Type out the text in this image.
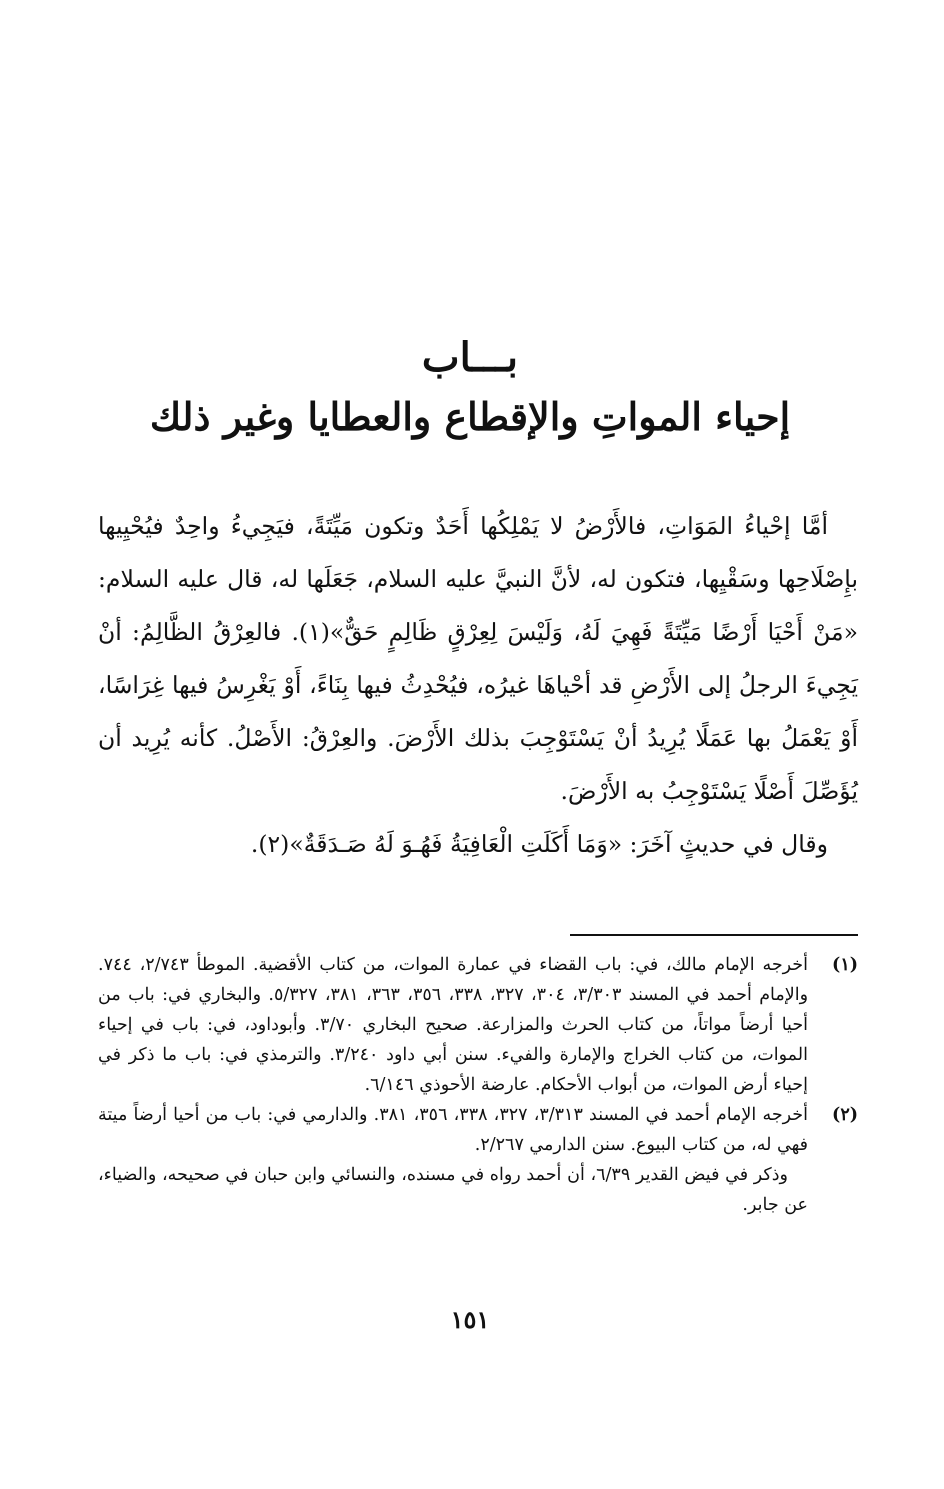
بـــاب
إحياء المواتِ والإقطاع والعطايا وغير ذلك

أمَّا إحْياءُ المَوَاتِ، فالأَرْضُ لا يَمْلِكُها أَحَدٌ وتكون مَيِّتَةً، فيَجِيءُ واحِدٌ فيُحْيِيها بإِصْلَاحِها وسَقْيِها، فتكون له، لأنَّ النبيَّ عليه السلام، جَعَلَها له، قال عليه السلام: «مَنْ أَحْيَا أَرْضًا مَيِّتَةً فَهِيَ لَهُ، وَلَيْسَ لِعِرْقٍ ظَالِمٍ حَقٌّ»(١). فالعِرْقُ الظَّالِمُ: أنْ يَجِيءَ الرجلُ إلى الأَرْضِ قد أحْياهَا غيرُه، فيُحْدِثُ فيها بِنَاءً، أَوْ يَغْرِسُ فيها غِرَاسًا، أَوْ يَعْمَلُ بها عَمَلًا يُرِيدُ أنْ يَسْتَوْجِبَ بذلك الأَرْضَ. والعِرْقُ: الأَصْلُ. كأنه يُرِيد أن يُؤَصِّلَ أَصْلًا يَسْتَوْجِبُ به الأَرْضَ.

وقال في حديثٍ آخَرَ: «وَمَا أَكَلَتِ الْعَافِيَةُ فَهُـوَ لَهُ صَـدَقَةٌ»(٢).

(١)
أخرجه الإمام مالك، في: باب القضاء في عمارة الموات، من كتاب الأقضية. الموطأ ٢/٧٤٣، ٧٤٤. والإمام أحمد في المسند ٣/٣٠٣، ٣٠٤، ٣٢٧، ٣٣٨، ٣٥٦، ٣٦٣، ٣٨١، ٥/٣٢٧. والبخاري في: باب من أحيا أرضاً مواتاً، من كتاب الحرث والمزارعة. صحيح البخاري ٣/٧٠. وأبوداود، في: باب في إحياء الموات، من كتاب الخراج والإمارة والفيء. سنن أبي داود ٣/٢٤٠. والترمذي في: باب ما ذكر في إحياء أرض الموات، من أبواب الأحكام. عارضة الأحوذي ٦/١٤٦.
(٢)
أخرجه الإمام أحمد في المسند ٣/٣١٣، ٣٢٧، ٣٣٨، ٣٥٦، ٣٨١. والدارمي في: باب من أحيا أرضاً ميتة فهي له، من كتاب البيوع. سنن الدارمي ٢/٢٦٧.
وذكر في فيض القدير ٦/٣٩، أن أحمد رواه في مسنده، والنسائي وابن حبان في صحيحه، والضياء، عن جابر.
١٥١
